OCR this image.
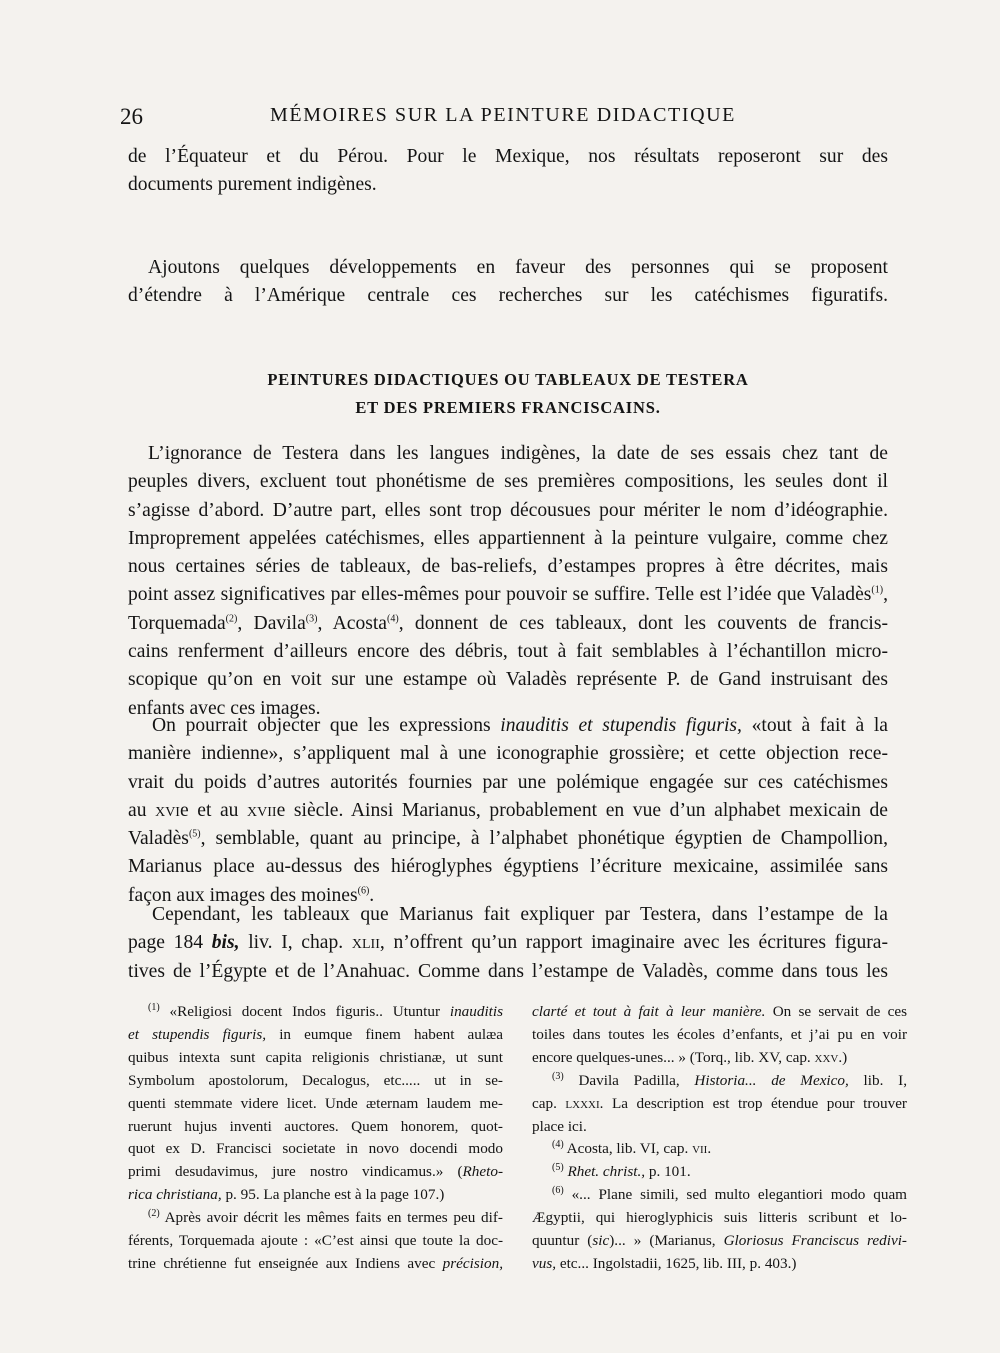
26	MÉMOIRES SUR LA PEINTURE DIDACTIQUE
de l’Équateur et du Pérou. Pour le Mexique, nos résultats reposeront sur des
documents purement indigènes.
Ajoutons quelques développements en faveur des personnes qui se proposent
d’étendre à l’Amérique centrale ces recherches sur les catéchismes figuratifs.
PEINTURES DIDACTIQUES OU TABLEAUX DE TESTERA
ET DES PREMIERS FRANCISCAINS.
L’ignorance de Testera dans les langues indigènes, la date de ses essais chez tant de
peuples divers, excluent tout phonétisme de ses premières compositions, les seules dont il
s’agisse d’abord. D’autre part, elles sont trop décousues pour mériter le nom d’idéographie.
Improprement appelées catéchismes, elles appartiennent à la peinture vulgaire, comme chez
nous certaines séries de tableaux, de bas-reliefs, d’estampes propres à être décrites, mais
point assez significatives par elles-mêmes pour pouvoir se suffire. Telle est l’idée que Valadès$^{(1)}$,
Torquemada$^{(2)}$, Davila$^{(3)}$, Acosta$^{(4)}$, donnent de ces tableaux, dont les couvents de francis-
cains renferment d’ailleurs encore des débris, tout à fait semblables à l’échantillon micro-
scopique qu’on en voit sur une estampe où Valadès représente P. de Gand instruisant des
enfants avec ces images.
On pourrait objecter que les expressions inauditis et stupendis figuris, «tout à fait à la
manière indienne», s’appliquent mal à une iconographie grossière; et cette objection rece-
vrait du poids d’autres autorités fournies par une polémique engagée sur ces catéchismes
au xvie et au xviie siècle. Ainsi Marianus, probablement en vue d’un alphabet mexicain de
Valadès$^{(5)}$, semblable, quant au principe, à l’alphabet phonétique égyptien de Champollion,
Marianus place au-dessus des hiéroglyphes égyptiens l’écriture mexicaine, assimilée sans
façon aux images des moines$^{(6)}$.
Cependant, les tableaux que Marianus fait expliquer par Testera, dans l’estampe de la
page 184 bis, liv. I, chap. xlii, n’offrent qu’un rapport imaginaire avec les écritures figura-
tives de l’Égypte et de l’Anahuac. Comme dans l’estampe de Valadès, comme dans tous les
$^{(1)}$ «Religiosi docent Indos figuris.. Utuntur inauditis
et stupendis figuris, in eumque finem habent aulæa
quibus intexta sunt capita religionis christianæ, ut sunt
Symbolum apostolorum, Decalogus, etc..... ut in se-
quenti stemmate videre licet. Unde æternam laudem me-
ruerunt hujus inventi auctores. Quem honorem, quot-
quot ex D. Francisci societate in novo docendi modo
primi desudavimus, jure nostro vindicamus.» (Rheto-
rica christiana, p. 95. La planche est à la page 107.)
$^{(2)}$ Après avoir décrit les mêmes faits en termes peu dif-
férents, Torquemada ajoute : «C’est ainsi que toute la doc-
trine chrétienne fut enseignée aux Indiens avec précision,
clarté et tout à fait à leur manière. On se servait de ces
toiles dans toutes les écoles d’enfants, et j’ai pu en voir
encore quelques-unes... » (Torq., lib. XV, cap. xxv.)
$^{(3)}$ Davila Padilla, Historia... de Mexico, lib. I,
cap. lxxxi. La description est trop étendue pour trouver
place ici.
$^{(4)}$ Acosta, lib. VI, cap. vii.
$^{(5)}$ Rhet. christ., p. 101.
$^{(6)}$ «... Plane simili, sed multo elegantiori modo quam
Ægyptii, qui hieroglyphicis suis litteris scribunt et lo-
quuntur (sic)... » (Marianus, Gloriosus Franciscus redivi-
vus, etc... Ingolstadii, 1625, lib. III, p. 403.)
